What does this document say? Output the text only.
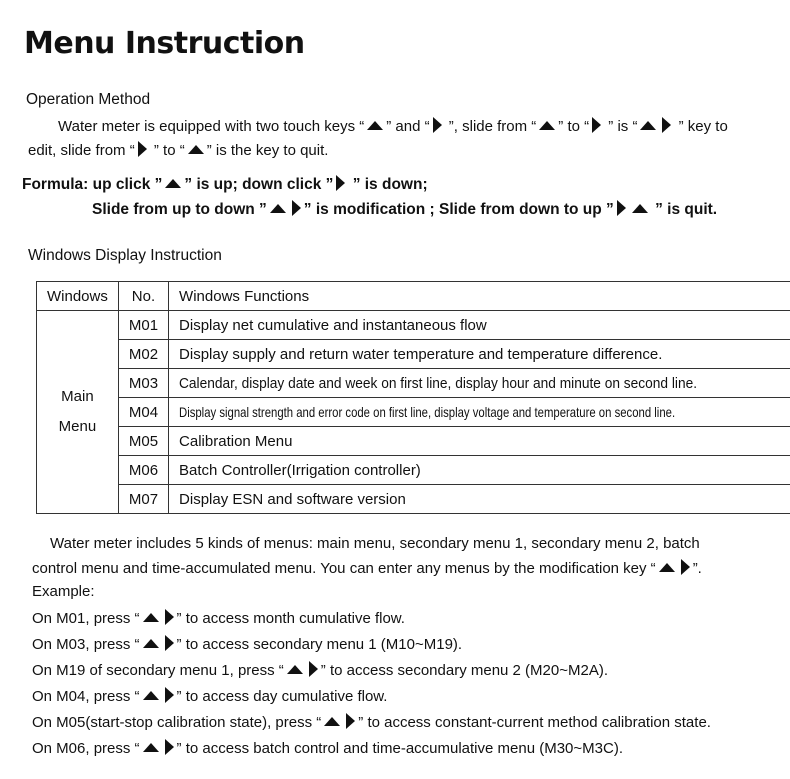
Menu Instruction
Operation Method
Water meter is equipped with two touch keys “ ” and “ ”, slide from “ ” to “ ” is “ ” key to
edit, slide from “ ” to “ ” is the key to quit.
Formula: up click ” ” is up; down click ” ” is down;
Slide from up to down ” ” is modification ; Slide from down to up ” ” is quit.
Windows Display Instruction
Windows	No.	Windows Functions
Main
Menu	M01	Display net cumulative and instantaneous flow
	M02	Display supply and return water temperature and temperature difference.
	M03	Calendar, display date and week on first line, display hour and minute on second line.
	M04	Display signal strength and error code on first line, display voltage and temperature on second line.
	M05	Calibration Menu
	M06	Batch Controller(Irrigation controller)
	M07	Display ESN and software version
Water meter includes 5 kinds of menus: main menu, secondary menu 1, secondary menu 2, batch
control menu and time-accumulated menu. You can enter any menus by the modification key “ ”.
Example:
On M01, press “ ” to access month cumulative flow.
On M03, press “ ” to access secondary menu 1 (M10~M19).
On M19 of secondary menu 1, press “ ” to access secondary menu 2 (M20~M2A).
On M04, press “ ” to access day cumulative flow.
On M05(start-stop calibration state), press “ ” to access constant-current method calibration state.
On M06, press “ ” to access batch control and time-accumulative menu (M30~M3C).
